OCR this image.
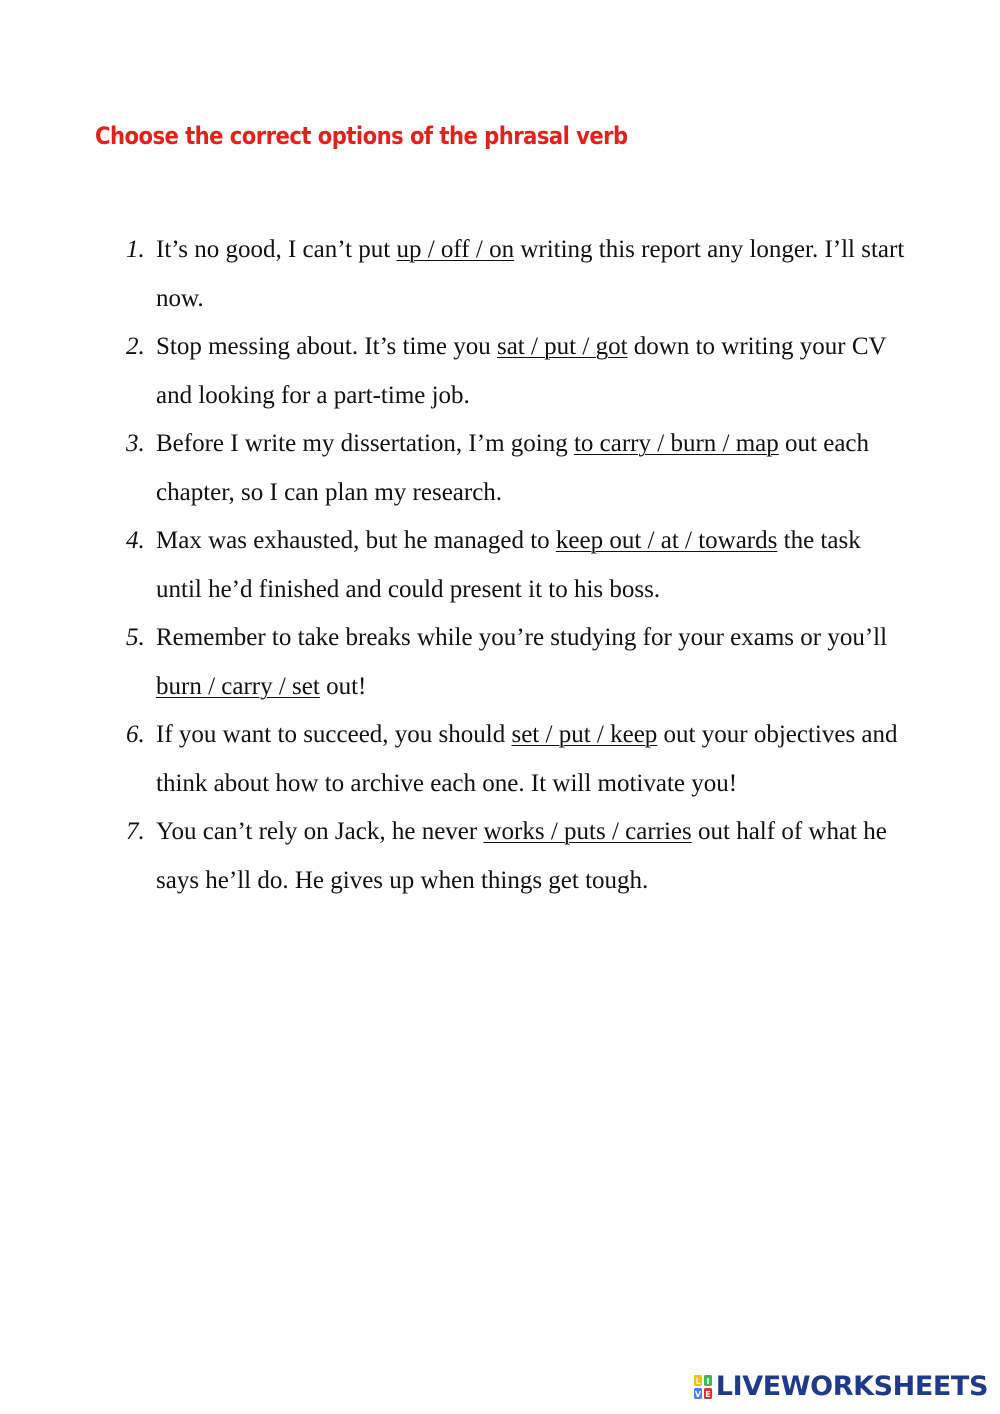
Choose the correct options of the phrasal verb
1. It’s no good, I can’t put up / off / on writing this report any longer. I’ll start now.
2. Stop messing about. It’s time you sat / put / got down to writing your CV and looking for a part-time job.
3. Before I write my dissertation, I’m going to carry / burn / map out each chapter, so I can plan my research.
4. Max was exhausted, but he managed to keep out / at / towards the task until he’d finished and could present it to his boss.
5. Remember to take breaks while you’re studying for your exams or you’ll burn / carry / set out!
6. If you want to succeed, you should set / put / keep out your objectives and think about how to archive each one. It will motivate you!
7. You can’t rely on Jack, he never works / puts / carries out half of what he says he’ll do. He gives up when things get tough.
L I
V E LIVEWORKSHEETS
